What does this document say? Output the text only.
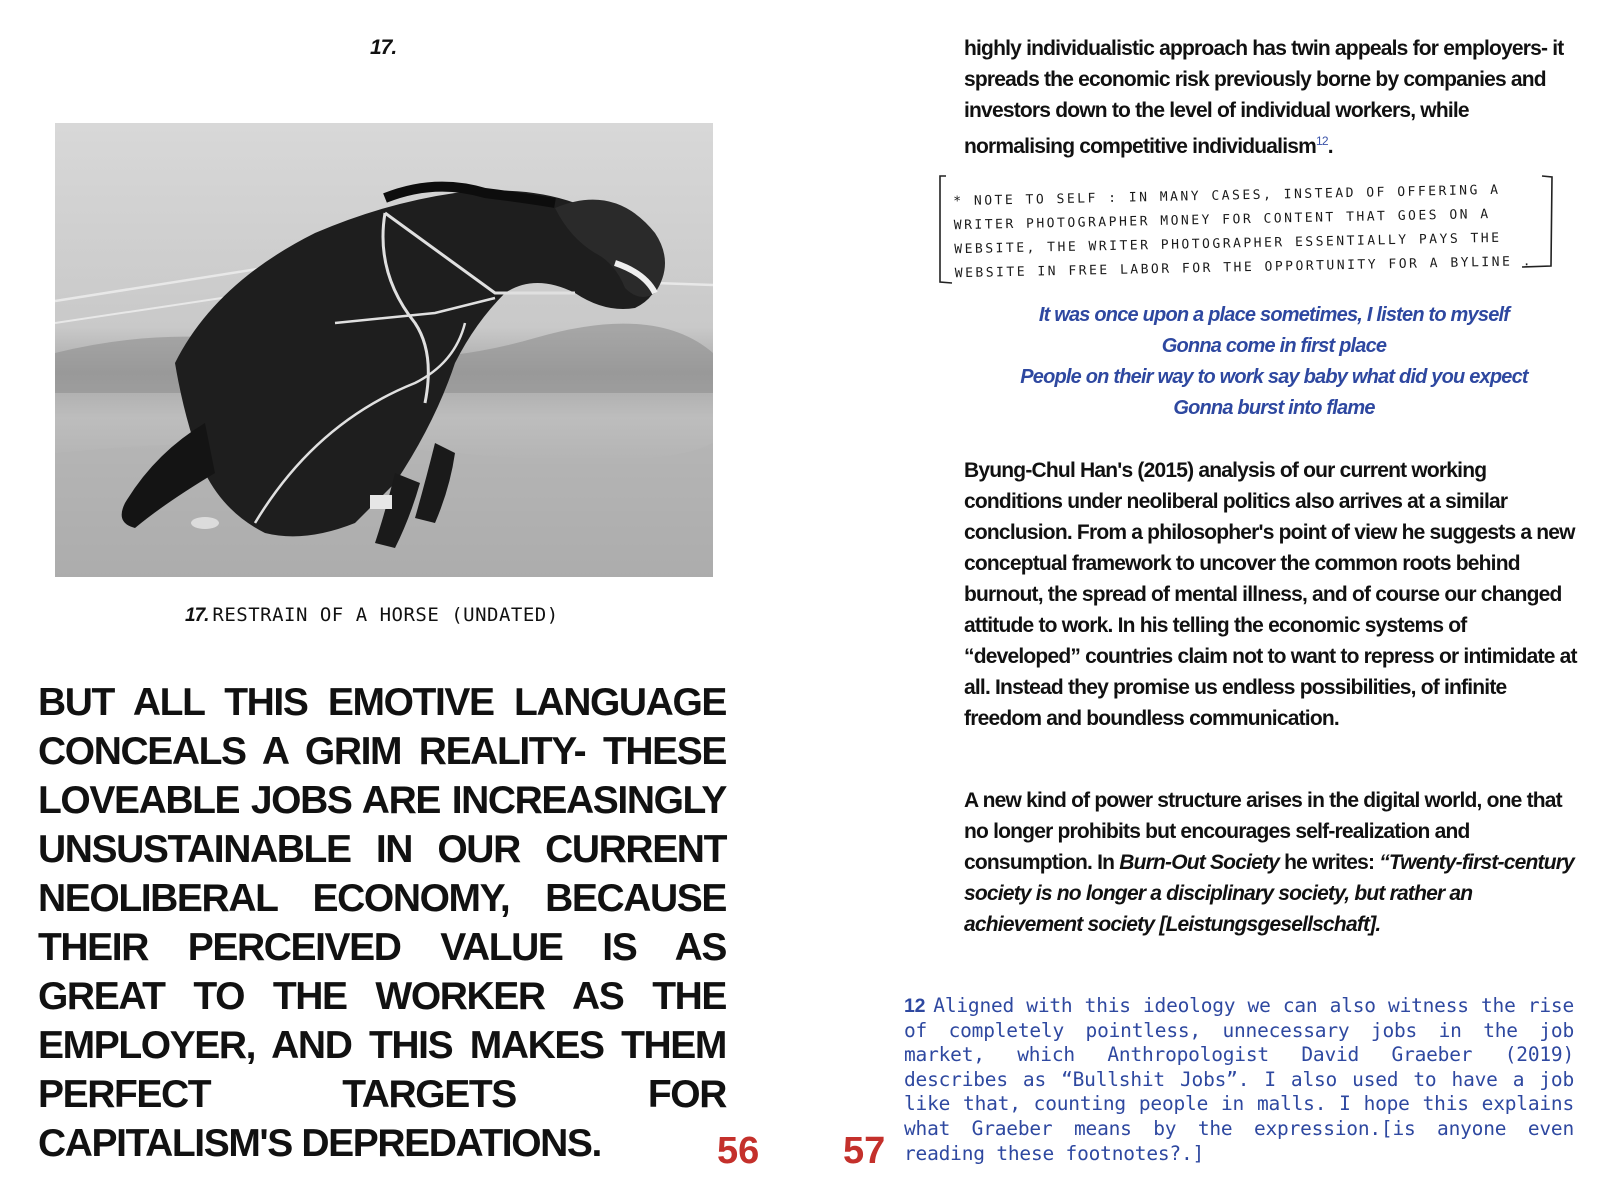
17.
17. RESTRAIN OF A HORSE (UNDATED)

BUT ALL THIS EMOTIVE LANGUAGE CONCEALS A GRIM REALITY- THESE LOVEABLE JOBS ARE INCREASINGLY UNSUSTAINABLE IN OUR CURRENT NEOLIBERAL ECONOMY, BECAUSE THEIR PERCEIVED VALUE IS AS GREAT TO THE WORKER AS THE EMPLOYER, AND THIS MAKES THEM PERFECT TARGETS FOR CAPITALISM'S DEPREDATIONS.	56

highly individualistic approach has twin appeals for employers- it spreads the economic risk previously borne by companies and investors down to the level of individual workers, while normalising competitive individualism$^{12}$.

* NOTE TO SELF : IN MANY CASES, INSTEAD OF OFFERING A WRITER PHOTOGRAPHER MONEY FOR CONTENT THAT GOES ON A WEBSITE, THE WRITER PHOTOGRAPHER ESSENTIALLY PAYS THE WEBSITE IN FREE LABOR FOR THE OPPORTUNITY FOR A BYLINE .

It was once upon a place sometimes, I listen to myself
Gonna come in first place
People on their way to work say baby what did you expect
Gonna burst into flame

Byung-Chul Han's (2015) analysis of our current working conditions under neoliberal politics also arrives at a similar conclusion. From a philosopher's point of view he suggests a new conceptual framework to uncover the common roots behind burnout, the spread of mental illness, and of course our changed attitude to work. In his telling the economic systems of “developed” countries claim not to want to repress or intimidate at all. Instead they promise us endless possibilities, of infinite freedom and boundless communication.

A new kind of power structure arises in the digital world, one that no longer prohibits but encourages self-realization and consumption. In Burn-Out Society he writes: “Twenty-first-century society is no longer a disciplinary society, but rather an achievement society [Leistungsgesellschaft].

57

12 Aligned with this ideology we can also witness the rise of completely pointless, unnecessary jobs in the job market, which Anthropologist David Graeber (2019) describes as “Bullshit Jobs”. I also used to have a job like that, counting people in malls. I hope this explains what Graeber means by the expression.[is anyone even reading these footnotes?.]
